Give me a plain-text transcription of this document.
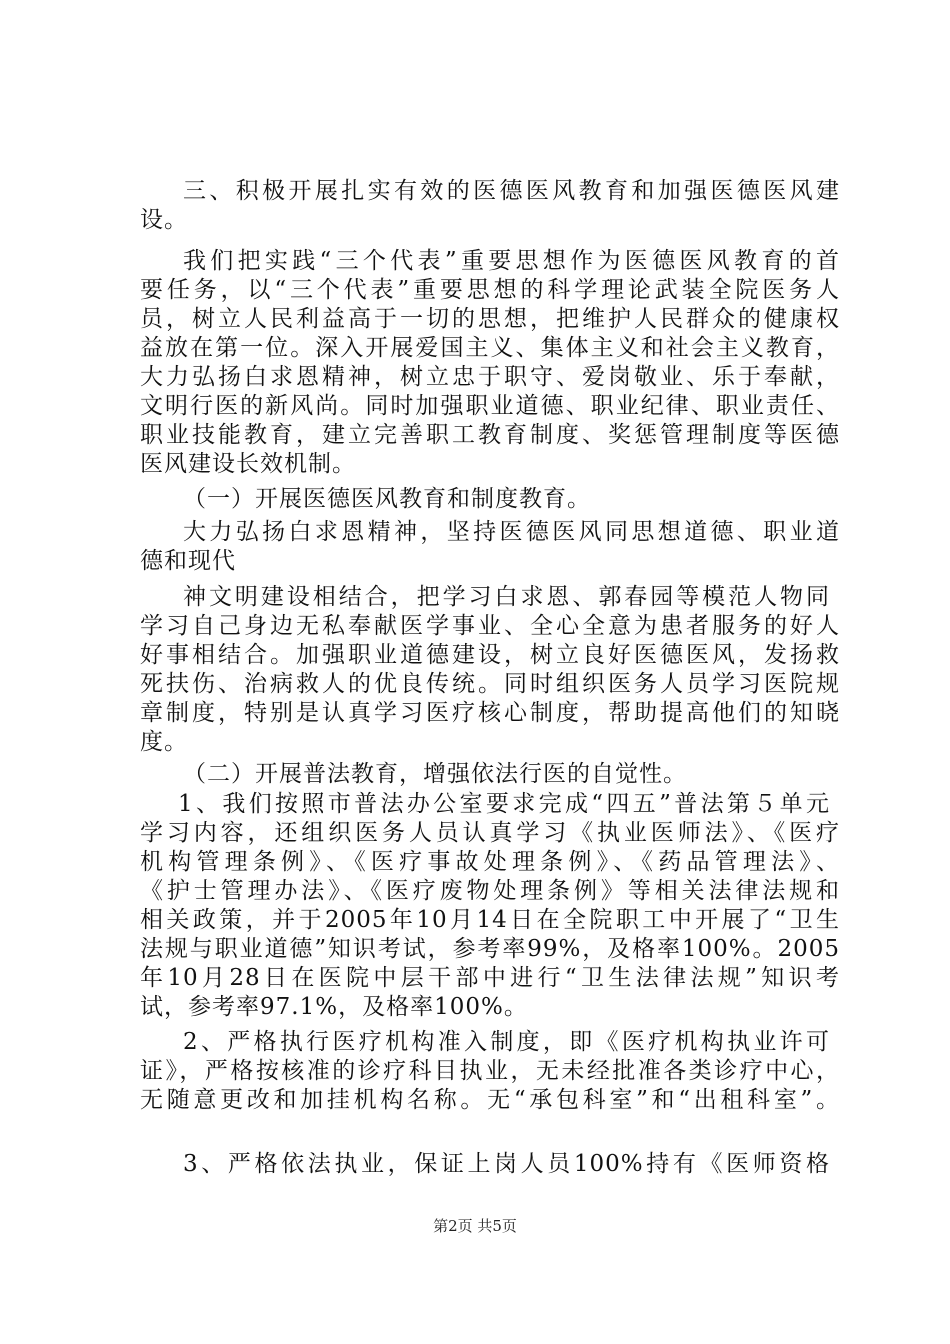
三、积极开展扎实有效的医德医风教育和加强医德医风建
设。
我们把实践“三个代表”重要思想作为医德医风教育的首
要任务，以“三个代表”重要思想的科学理论武装全院医务人
员，树立人民利益高于一切的思想，把维护人民群众的健康权
益放在第一位。深入开展爱国主义、集体主义和社会主义教育，
大力弘扬白求恩精神，树立忠于职守、爱岗敬业、乐于奉献，
文明行医的新风尚。同时加强职业道德、职业纪律、职业责任、
职业技能教育，建立完善职工教育制度、奖惩管理制度等医德
医风建设长效机制。
（一）开展医德医风教育和制度教育。
大力弘扬白求恩精神，坚持医德医风同思想道德、职业道
德和现代
神文明建设相结合，把学习白求恩、郭春园等模范人物同
学习自己身边无私奉献医学事业、全心全意为患者服务的好人
好事相结合。加强职业道德建设，树立良好医德医风，发扬救
死扶伤、治病救人的优良传统。同时组织医务人员学习医院规
章制度，特别是认真学习医疗核心制度，帮助提高他们的知晓
度。
（二）开展普法教育，增强依法行医的自觉性。
1、我们按照市普法办公室要求完成“四五”普法第５单元
学习内容，还组织医务人员认真学习《执业医师法》、《医疗
机构管理条例》、《医疗事故处理条例》、《药品管理法》、
《护士管理办法》、《医疗废物处理条例》等相关法律法规和
相关政策，并于2005年10月14日在全院职工中开展了“卫生
法规与职业道德”知识考试，参考率99%，及格率100%。2005
年10月28日在医院中层干部中进行“卫生法律法规”知识考
试，参考率97.1%，及格率100%。
2、严格执行医疗机构准入制度，即《医疗机构执业许可
证》，严格按核准的诊疗科目执业，无未经批准各类诊疗中心，
无随意更改和加挂机构名称。无“承包科室”和“出租科室”。
3、严格依法执业，保证上岗人员100%持有《医师资格
第2页 共5页
